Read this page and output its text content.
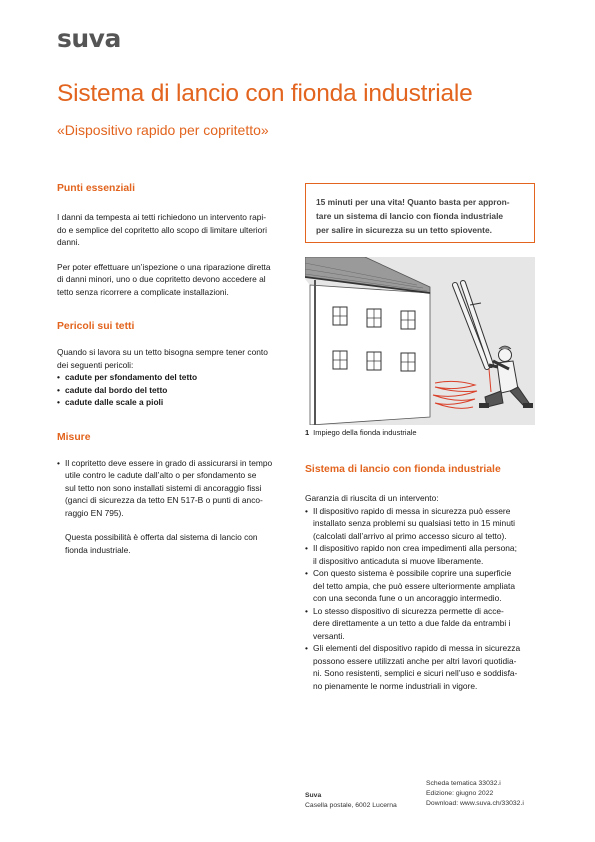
suva
Sistema di lancio con fionda industriale
«Dispositivo rapido per copritetto»
Punti essenziali

I danni da tempesta ai tetti richiedono un intervento rapi-
do e semplice del copritetto allo scopo di limitare ulteriori
danni.

Per poter effettuare un’ispezione o una riparazione diretta
di danni minori, uno o due copritetto devono accedere al
tetto senza ricorrere a complicate installazioni.

Pericoli sui tetti

Quando si lavora su un tetto bisogna sempre tener conto
dei seguenti pericoli:

• cadute per sfondamento del tetto
• cadute dal bordo del tetto
• cadute dalle scale a pioli
Misure
• Il copritetto deve essere in grado di assicurarsi in tempo
utile contro le cadute dall’alto o per sfondamento se
sul tetto non sono installati sistemi di ancoraggio fissi
(ganci di sicurezza da tetto EN 517-B o punti di anco-
raggio EN 795).

Questa possibilità è offerta dal sistema di lancio con
fionda industriale.

15 minuti per una vita! Quanto basta per appron-
tare un sistema di lancio con fionda industriale
per salire in sicurezza su un tetto spiovente.

1 Impiego della fionda industriale
Sistema di lancio con fionda industriale

Garanzia di riuscita di un intervento:

• Il dispositivo rapido di messa in sicurezza può essere
installato senza problemi su qualsiasi tetto in 15 minuti
(calcolati dall’arrivo al primo accesso sicuro al tetto).
• Il dispositivo rapido non crea impedimenti alla persona;
il dispositivo anticaduta si muove liberamente.
• Con questo sistema è possibile coprire una superficie
del tetto ampia, che può essere ulteriormente ampliata
con una seconda fune o un ancoraggio intermedio.
• Lo stesso dispositivo di sicurezza permette di acce-
dere direttamente a un tetto a due falde da entrambi i
versanti.
• Gli elementi del dispositivo rapido di messa in sicurezza
possono essere utilizzati anche per altri lavori quotidia-
ni. Sono resistenti, semplici e sicuri nell’uso e soddisfa-
no pienamente le norme industriali in vigore.
Suva
Casella postale, 6002 Lucerna
Scheda tematica 33032.i
Edizione: giugno 2022
Download: www.suva.ch/33032.i
